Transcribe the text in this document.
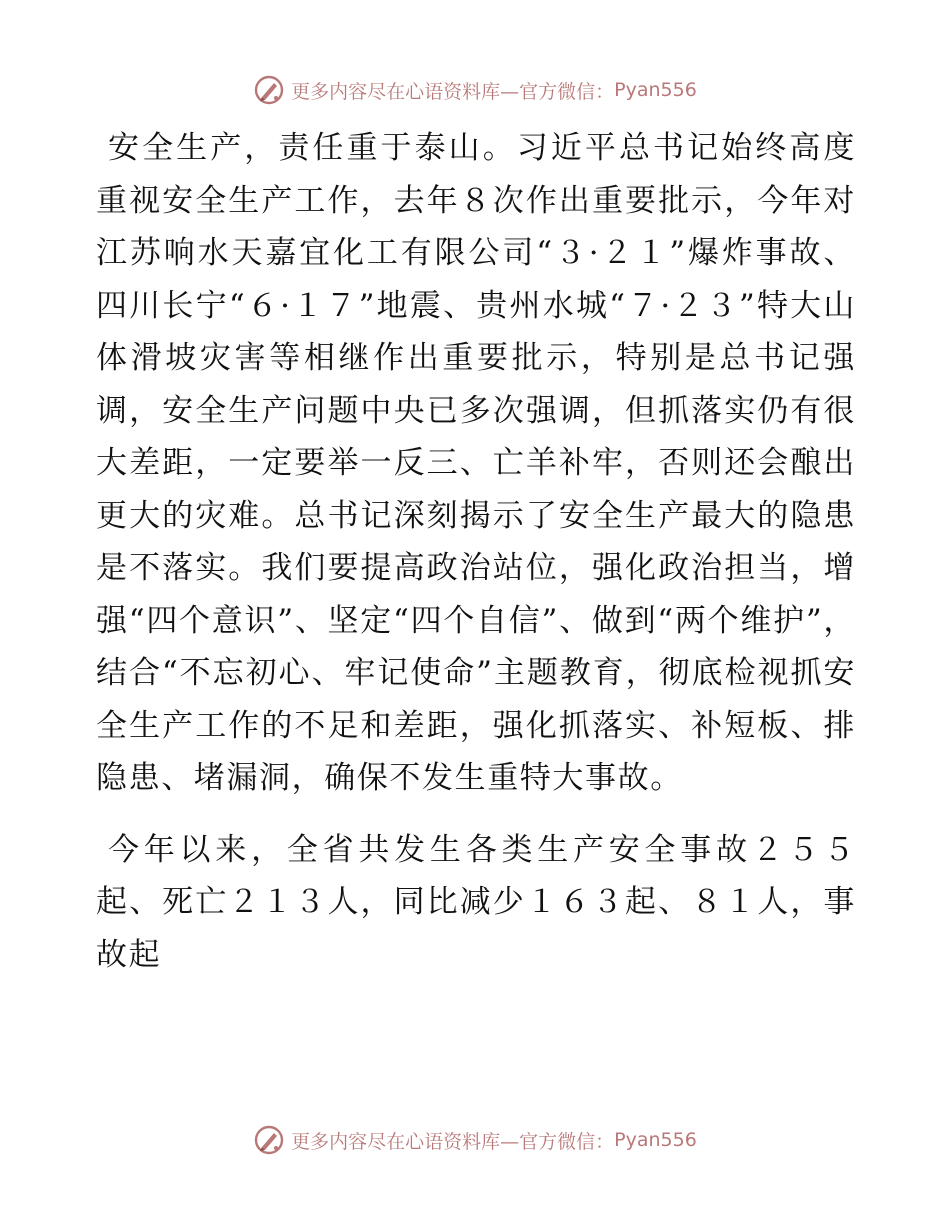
更多内容尽在心语资料库—官方微信： Pyan556

安全生产，责任重于泰山。习近平总书记始终高度重视安全生产工作，去年８次作出重要批示，今年对江苏响水天嘉宜化工有限公司“３·２１”爆炸事故、四川长宁“６·１７”地震、贵州水城“７·２３”特大山体滑坡灾害等相继作出重要批示，特别是总书记强调，安全生产问题中央已多次强调，但抓落实仍有很大差距，一定要举一反三、亡羊补牢，否则还会酿出更大的灾难。总书记深刻揭示了安全生产最大的隐患是不落实。我们要提高政治站位，强化政治担当，增强“四个意识”、坚定“四个自信”、做到“两个维护”，结合“不忘初心、牢记使命”主题教育，彻底检视抓安全生产工作的不足和差距，强化抓落实、补短板、排隐患、堵漏洞，确保不发生重特大事故。

今年以来，全省共发生各类生产安全事故２５５起、死亡２１３人，同比减少１６３起、８１人，事故起

更多内容尽在心语资料库—官方微信： Pyan556
